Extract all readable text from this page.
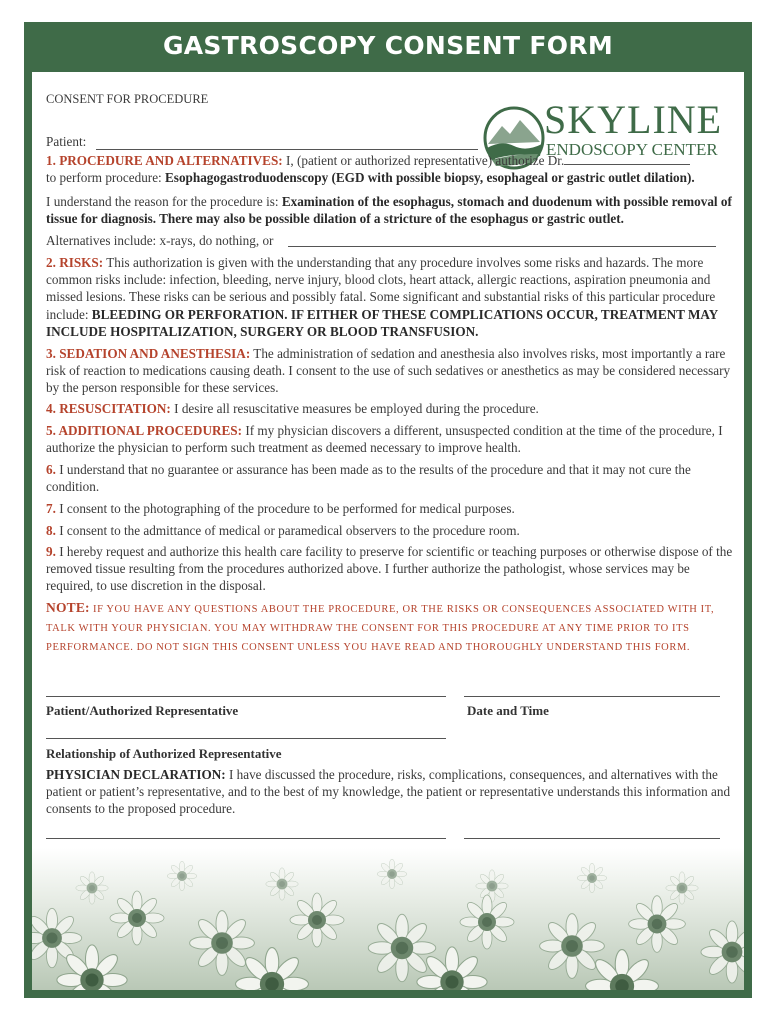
GASTROSCOPY CONSENT FORM
SKYLINE
ENDOSCOPY CENTER
CONSENT FOR PROCEDURE
Patient:
1. PROCEDURE AND ALTERNATIVES: I, (patient or authorized representative) authorize Dr.
to perform procedure: Esophagogastroduodenscopy (EGD with possible biopsy, esophageal or gastric outlet dilation).
I understand the reason for the procedure is: Examination of the esophagus, stomach and duodenum with possible removal of tissue for diagnosis. There may also be possible dilation of a stricture of the esophagus or gastric outlet.
Alternatives include: x-rays, do nothing, or
2. RISKS: This authorization is given with the understanding that any procedure involves some risks and hazards. The more common risks include: infection, bleeding, nerve injury, blood clots, heart attack, allergic reactions, aspiration pneumonia and missed lesions. These risks can be serious and possibly fatal. Some significant and substantial risks of this particular procedure include: BLEEDING OR PERFORATION. IF EITHER OF THESE COMPLICATIONS OCCUR, TREATMENT MAY INCLUDE HOSPITALIZATION, SURGERY OR BLOOD TRANSFUSION.
3. SEDATION AND ANESTHESIA: The administration of sedation and anesthesia also involves risks, most importantly a rare risk of reaction to medications causing death. I consent to the use of such sedatives or anesthetics as may be considered necessary by the person responsible for these services.
4. RESUSCITATION: I desire all resuscitative measures be employed during the procedure.
5. ADDITIONAL PROCEDURES: If my physician discovers a different, unsuspected condition at the time of the procedure, I authorize the physician to perform such treatment as deemed necessary to improve health.
6. I understand that no guarantee or assurance has been made as to the results of the procedure and that it may not cure the condition.
7. I consent to the photographing of the procedure to be performed for medical purposes.
8. I consent to the admittance of medical or paramedical observers to the procedure room.
9. I hereby request and authorize this health care facility to preserve for scientific or teaching purposes or otherwise dispose of the removed tissue resulting from the procedures authorized above. I further authorize the pathologist, whose services may be required, to use discretion in the disposal.
NOTE: IF YOU HAVE ANY QUESTIONS ABOUT THE PROCEDURE, OR THE RISKS OR CONSEQUENCES ASSOCIATED WITH IT, TALK WITH YOUR PHYSICIAN. YOU MAY WITHDRAW THE CONSENT FOR THIS PROCEDURE AT ANY TIME PRIOR TO ITS PERFORMANCE. DO NOT SIGN THIS CONSENT UNLESS YOU HAVE READ AND THOROUGHLY UNDERSTAND THIS FORM.
Patient/Authorized Representative	Date and Time
Relationship of Authorized Representative
PHYSICIAN DECLARATION: I have discussed the procedure, risks, complications, consequences, and alternatives with the patient or patient’s representative, and to the best of my knowledge, the patient or representative understands this information and consents to the proposed procedure.
